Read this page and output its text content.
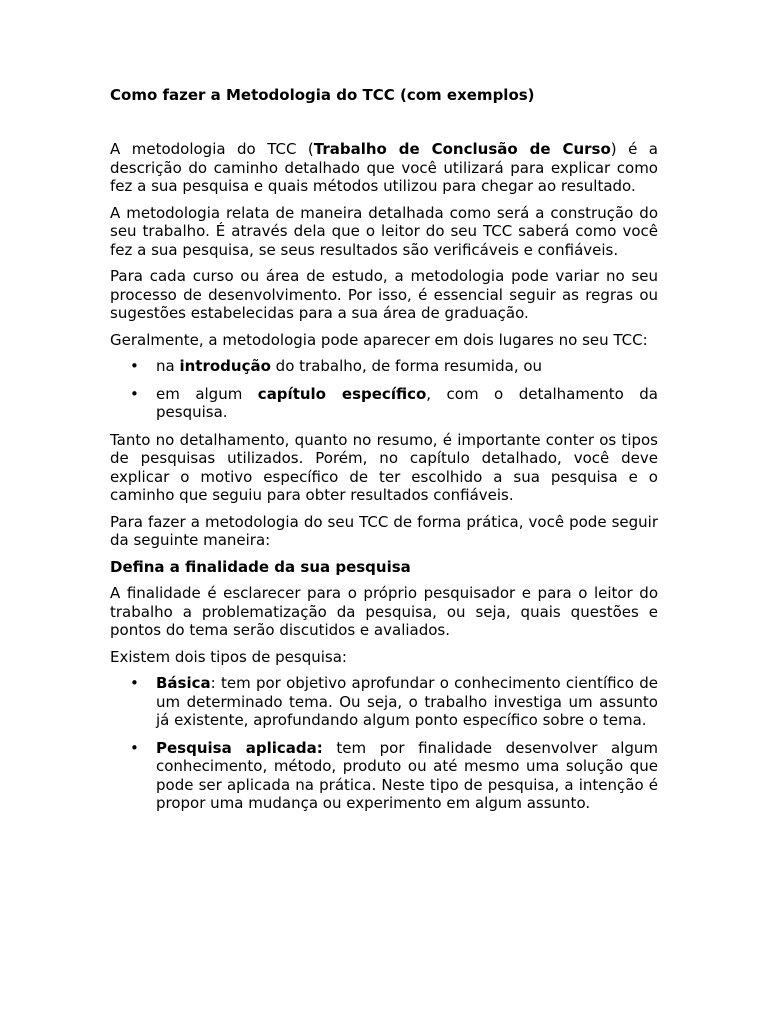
Como fazer a Metodologia do TCC (com exemplos)

A metodologia do TCC (Trabalho de Conclusão de Curso) é a descrição do caminho detalhado que você utilizará para explicar como fez a sua pesquisa e quais métodos utilizou para chegar ao resultado.

A metodologia relata de maneira detalhada como será a construção do seu trabalho. É através dela que o leitor do seu TCC saberá como você fez a sua pesquisa, se seus resultados são verificáveis e confiáveis.

Para cada curso ou área de estudo, a metodologia pode variar no seu processo de desenvolvimento. Por isso, é essencial seguir as regras ou sugestões estabelecidas para a sua área de graduação.

Geralmente, a metodologia pode aparecer em dois lugares no seu TCC:

• na introdução do trabalho, de forma resumida, ou
• em algum capítulo específico, com o detalhamento da pesquisa.

Tanto no detalhamento, quanto no resumo, é importante conter os tipos de pesquisas utilizados. Porém, no capítulo detalhado, você deve explicar o motivo específico de ter escolhido a sua pesquisa e o caminho que seguiu para obter resultados confiáveis.

Para fazer a metodologia do seu TCC de forma prática, você pode seguir da seguinte maneira:

Defina a finalidade da sua pesquisa

A finalidade é esclarecer para o próprio pesquisador e para o leitor do trabalho a problematização da pesquisa, ou seja, quais questões e pontos do tema serão discutidos e avaliados.

Existem dois tipos de pesquisa:

• Básica: tem por objetivo aprofundar o conhecimento científico de um determinado tema. Ou seja, o trabalho investiga um assunto já existente, aprofundando algum ponto específico sobre o tema.
• Pesquisa aplicada: tem por finalidade desenvolver algum conhecimento, método, produto ou até mesmo uma solução que pode ser aplicada na prática. Neste tipo de pesquisa, a intenção é propor uma mudança ou experimento em algum assunto.
